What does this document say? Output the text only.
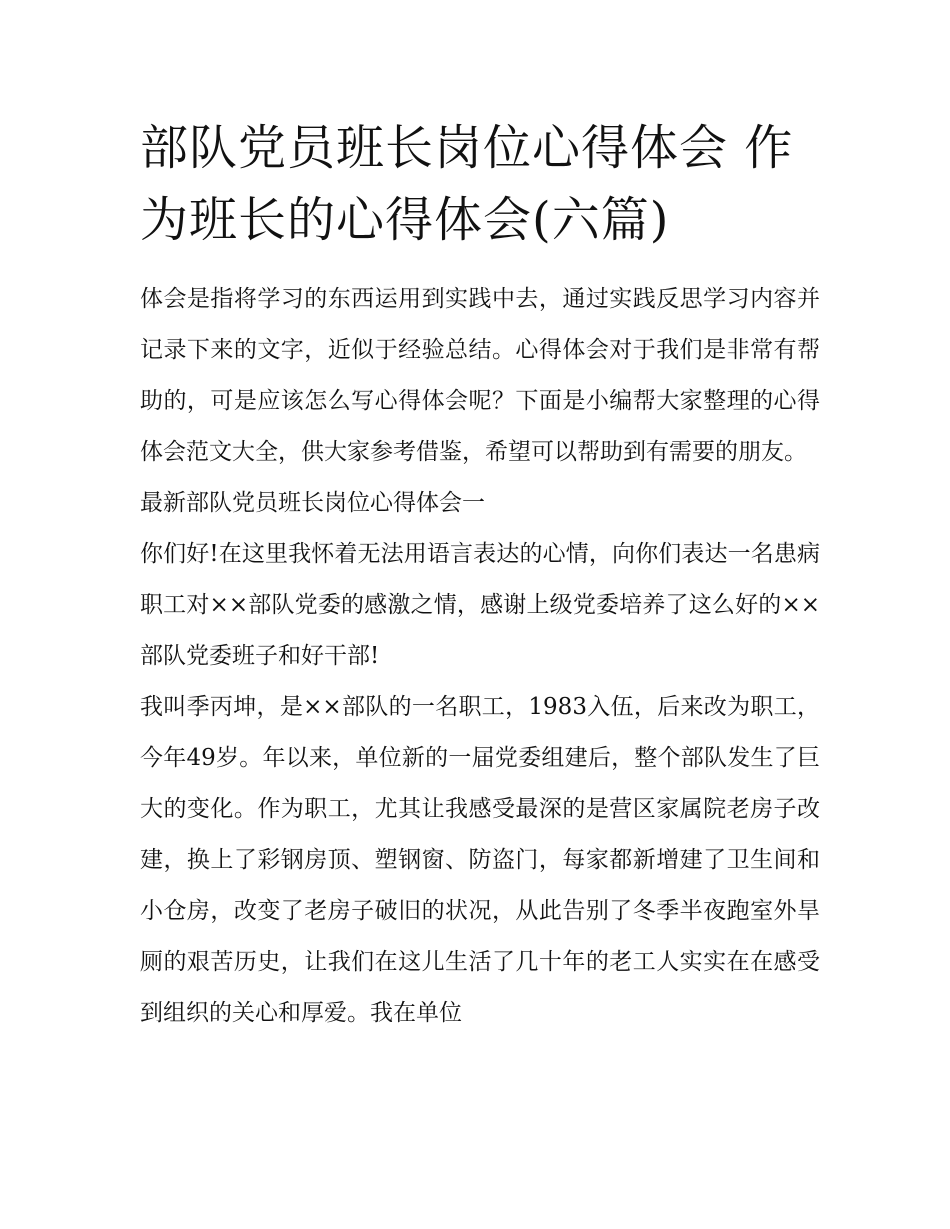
部队党员班长岗位心得体会 作为班长的心得体会(六篇)

体会是指将学习的东西运用到实践中去，通过实践反思学习内容并记录下来的文字，近似于经验总结。心得体会对于我们是非常有帮助的，可是应该怎么写心得体会呢？下面是小编帮大家整理的心得体会范文大全，供大家参考借鉴，希望可以帮助到有需要的朋友。

最新部队党员班长岗位心得体会一

你们好!在这里我怀着无法用语言表达的心情，向你们表达一名患病职工对××部队党委的感激之情，感谢上级党委培养了这么好的××部队党委班子和好干部!

我叫季丙坤，是××部队的一名职工，1983入伍，后来改为职工，今年49岁。年以来，单位新的一届党委组建后，整个部队发生了巨大的变化。作为职工，尤其让我感受最深的是营区家属院老房子改建，换上了彩钢房顶、塑钢窗、防盗门，每家都新增建了卫生间和小仓房，改变了老房子破旧的状况，从此告别了冬季半夜跑室外旱厕的艰苦历史，让我们在这儿生活了几十年的老工人实实在在感受到组织的关心和厚爱。我在单位
